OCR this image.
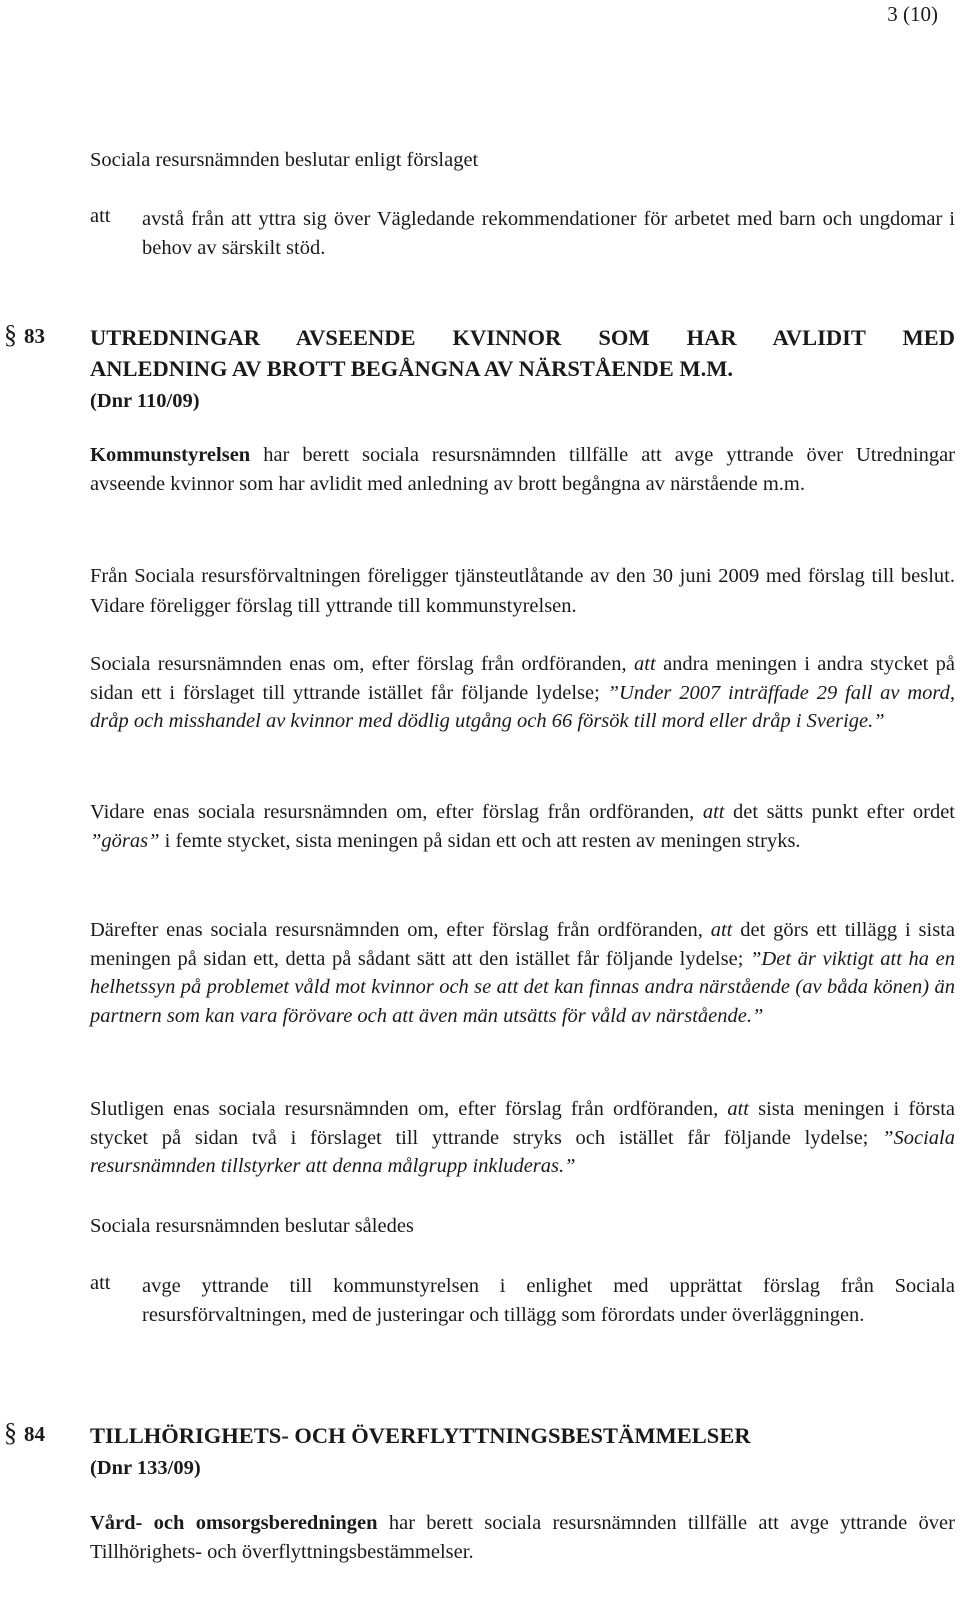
3 (10)

Sociala resursnämnden beslutar enligt förslaget

att avstå från att yttra sig över Vägledande rekommendationer för arbetet med barn och ungdomar i behov av särskilt stöd.

§ 83 UTREDNINGAR AVSEENDE KVINNOR SOM HAR AVLIDIT MED
ANLEDNING AV BROTT BEGÅNGNA AV NÄRSTÅENDE M.M.
(Dnr 110/09)

Kommunstyrelsen har berett sociala resursnämnden tillfälle att avge yttrande över Utredningar avseende kvinnor som har avlidit med anledning av brott begångna av närstående m.m.

Från Sociala resursförvaltningen föreligger tjänsteutlåtande av den 30 juni 2009 med förslag till beslut. Vidare föreligger förslag till yttrande till kommunstyrelsen.

Sociala resursnämnden enas om, efter förslag från ordföranden, att andra meningen i andra stycket på sidan ett i förslaget till yttrande istället får följande lydelse; ”Under 2007 inträffade 29 fall av mord, dråp och misshandel av kvinnor med dödlig utgång och 66 försök till mord eller dråp i Sverige.”

Vidare enas sociala resursnämnden om, efter förslag från ordföranden, att det sätts punkt efter ordet ”göras” i femte stycket, sista meningen på sidan ett och att resten av meningen stryks.

Därefter enas sociala resursnämnden om, efter förslag från ordföranden, att det görs ett tillägg i sista meningen på sidan ett, detta på sådant sätt att den istället får följande lydelse; ”Det är viktigt att ha en helhetssyn på problemet våld mot kvinnor och se att det kan finnas andra närstående (av båda könen) än partnern som kan vara förövare och att även män utsätts för våld av närstående.”

Slutligen enas sociala resursnämnden om, efter förslag från ordföranden, att sista meningen i första stycket på sidan två i förslaget till yttrande stryks och istället får följande lydelse; ”Sociala resursnämnden tillstyrker att denna målgrupp inkluderas.”

Sociala resursnämnden beslutar således

att avge yttrande till kommunstyrelsen i enlighet med upprättat förslag från Sociala resursförvaltningen, med de justeringar och tillägg som förordats under överläggningen.

§ 84 TILLHÖRIGHETS- OCH ÖVERFLYTTNINGSBESTÄMMELSER
(Dnr 133/09)

Vård- och omsorgsberedningen har berett sociala resursnämnden tillfälle att avge yttrande över Tillhörighets- och överflyttningsbestämmelser.
